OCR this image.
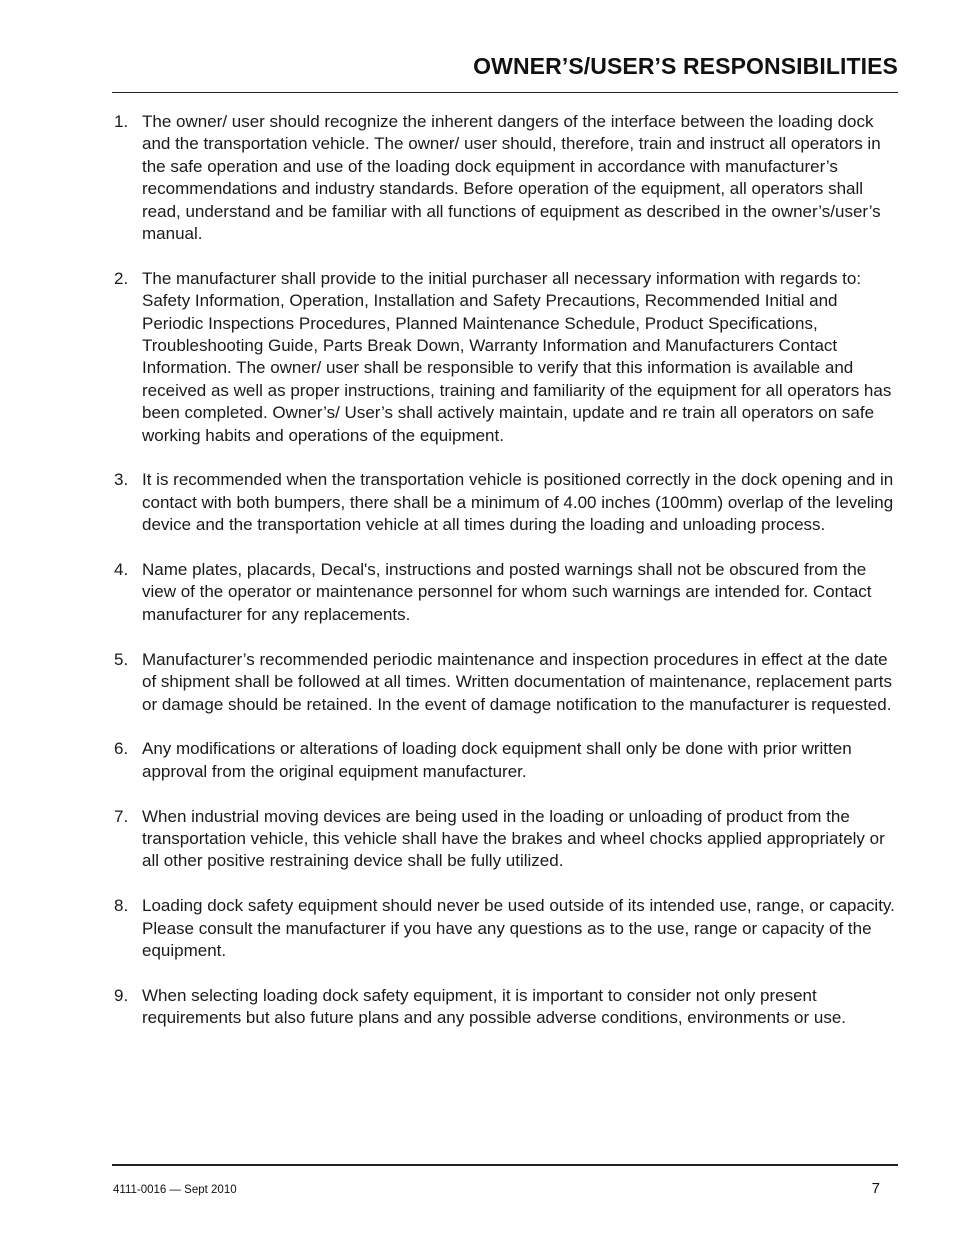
OWNER’S/USER’S RESPONSIBILITIES
1. The owner/ user should recognize the inherent dangers of the interface between the loading dock and the transportation vehicle. The owner/ user should, therefore, train and instruct all operators in the safe operation and use of the loading dock equipment in accordance with manufacturer’s recommendations and industry standards. Before operation of the equipment, all operators shall read, understand and be familiar with all functions of equipment as described in the owner’s/user’s manual.
2. The manufacturer shall provide to the initial purchaser all necessary information with regards to: Safety Information, Operation, Installation and Safety Precautions, Recommended Initial and Periodic Inspections Procedures, Planned Maintenance Schedule, Product Specifications, Troubleshooting Guide, Parts Break Down, Warranty Information and Manufacturers Contact Information. The owner/ user shall be responsible to verify that this information is available and received as well as proper instructions, training and familiarity of the equipment for all operators has been completed. Owner’s/ User’s shall actively maintain, update and re train all operators on safe working habits and operations of the equipment.
3. It is recommended when the transportation vehicle is positioned correctly in the dock opening and in contact with both bumpers, there shall be a minimum of 4.00 inches (100mm) overlap of the leveling device and the transportation vehicle at all times during the loading and unloading process.
4. Name plates, placards, Decal's, instructions and posted warnings shall not be obscured from the view of the operator or maintenance personnel for whom such warnings are intended for. Contact manufacturer for any replacements.
5. Manufacturer’s recommended periodic maintenance and inspection procedures in effect at the date of shipment shall be followed at all times. Written documentation of maintenance, replacement parts or damage should be retained. In the event of damage notification to the manufacturer is requested.
6. Any modifications or alterations of loading dock equipment shall only be done with prior written approval from the original equipment manufacturer.
7. When industrial moving devices are being used in the loading or unloading of product from the transportation vehicle, this vehicle shall have the brakes and wheel chocks applied appropriately or all other positive restraining device shall be fully utilized.
8. Loading dock safety equipment should never be used outside of its intended use, range, or capacity. Please consult the manufacturer if you have any questions as to the use, range or capacity of the equipment.
9. When selecting loading dock safety equipment, it is important to consider not only present requirements but also future plans and any possible adverse conditions, environments or use.
4111-0016 — Sept 2010	7
